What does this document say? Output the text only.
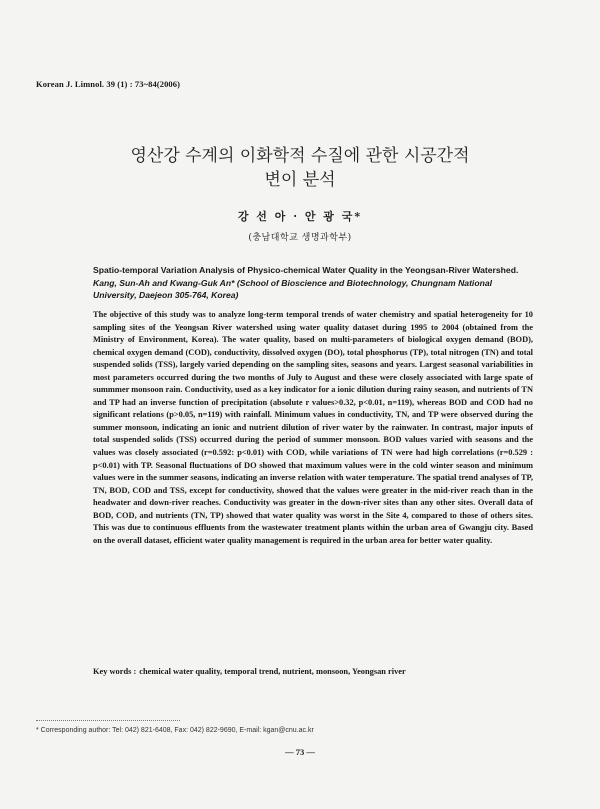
Korean J. Limnol. 39 (1) : 73~84(2006)
영산강 수계의 이화학적 수질에 관한 시공간적
변이 분석
강 선 아 · 안 광 국*
(충남대학교 생명과학부)
Spatio-temporal Variation Analysis of Physico-chemical Water Quality in the Yeongsan-River Watershed. Kang, Sun-Ah and Kwang-Guk An* (School of Bioscience and Biotechnology, Chungnam National University, Daejeon 305-764, Korea)

The objective of this study was to analyze long-term temporal trends of water chemistry and spatial heterogeneity for 10 sampling sites of the Yeongsan River watershed using water quality dataset during 1995 to 2004 (obtained from the Ministry of Environment, Korea). The water quality, based on multi-parameters of biological oxygen demand (BOD), chemical oxygen demand (COD), conductivity, dissolved oxygen (DO), total phosphorus (TP), total nitrogen (TN) and total suspended solids (TSS), largely varied depending on the sampling sites, seasons and years. Largest seasonal variabilities in most parameters occurred during the two months of July to August and these were closely associated with large spate of summmer monsoon rain. Conductivity, used as a key indicator for a ionic dilution during rainy season, and nutrients of TN and TP had an inverse function of precipitation (absolute r values>0.32, p<0.01, n=119), whereas BOD and COD had no significant relations (p>0.05, n=119) with rainfall. Minimum values in conductivity, TN, and TP were observed during the summer monsoon, indicating an ionic and nutrient dilution of river water by the rainwater. In contrast, major inputs of total suspended solids (TSS) occurred during the period of summer monsoon. BOD values varied with seasons and the values was closely associated (r=0.592: p<0.01) with COD, while variations of TN were had high correlations (r=0.529 : p<0.01) with TP. Seasonal fluctuations of DO showed that maximum values were in the cold winter season and minimum values were in the summer seasons, indicating an inverse relation with water temperature. The spatial trend analyses of TP, TN, BOD, COD and TSS, except for conductivity, showed that the values were greater in the mid-river reach than in the headwater and down-river reaches. Conductivity was greater in the down-river sites than any other sites. Overall data of BOD, COD, and nutrients (TN, TP) showed that water quality was worst in the Site 4, compared to those of others sites. This was due to continuous effluents from the wastewater treatment plants within the urban area of Gwangju city. Based on the overall dataset, efficient water quality management is required in the urban area for better water quality.

Key words : chemical water quality, temporal trend, nutrient, monsoon, Yeongsan river
* Corresponding author: Tel: 042) 821-6408, Fax: 042) 822-9690, E-mail: kgan@cnu.ac.kr
— 73 —
